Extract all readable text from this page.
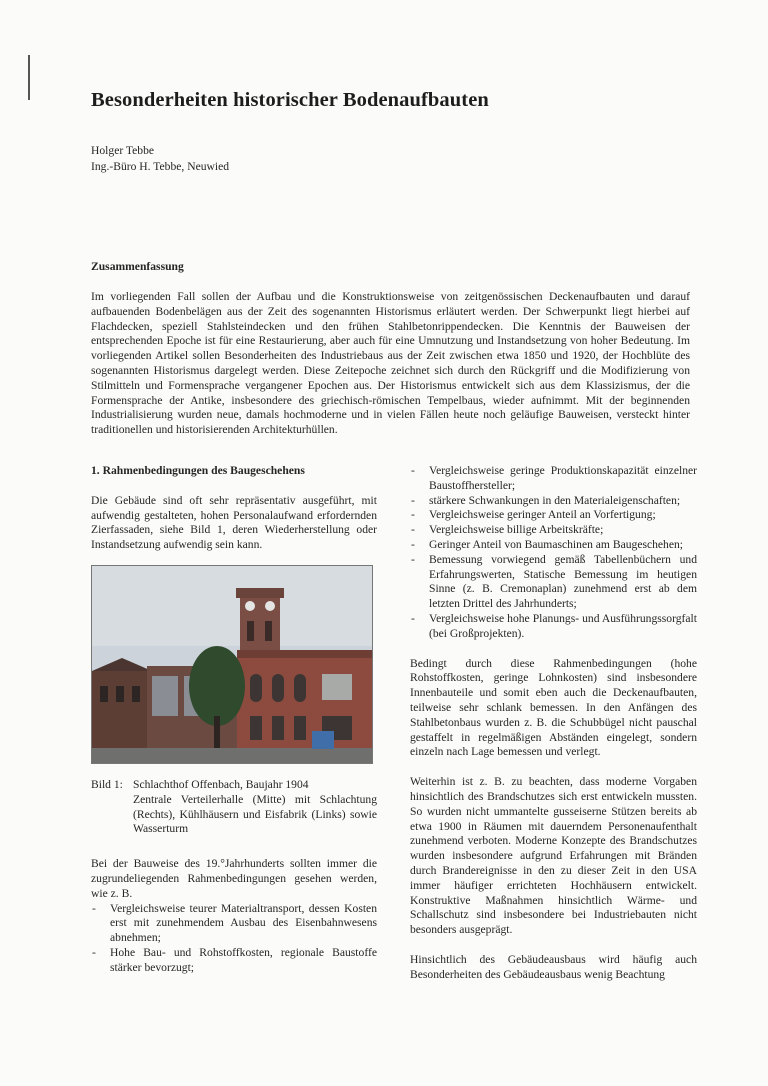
Besonderheiten historischer Bodenaufbauten
Holger Tebbe
Ing.-Büro H. Tebbe, Neuwied
Zusammenfassung

Im vorliegenden Fall sollen der Aufbau und die Konstruktionsweise von zeitgenössischen Deckenaufbauten und darauf aufbauenden Bodenbelägen aus der Zeit des sogenannten Historismus erläutert werden. Der Schwerpunkt liegt hierbei auf Flachdecken, speziell Stahlsteindecken und den frühen Stahlbetonrippendecken. Die Kenntnis der Bauweisen der entsprechenden Epoche ist für eine Restaurierung, aber auch für eine Umnutzung und Instandsetzung von hoher Bedeutung. Im vorliegenden Artikel sollen Besonderheiten des Industriebaus aus der Zeit zwischen etwa 1850 und 1920, der Hochblüte des sogenannten Historismus dargelegt werden. Diese Zeitepoche zeichnet sich durch den Rückgriff und die Modifizierung von Stilmitteln und Formensprache vergangener Epochen aus. Der Historismus entwickelt sich aus dem Klassizismus, der die Formensprache der Antike, insbesondere des griechisch-römischen Tempelbaus, wieder aufnimmt. Mit der beginnenden Industrialisierung wurden neue, damals hochmoderne und in vielen Fällen heute noch geläufige Bauweisen, versteckt hinter traditionellen und historisierenden Architekturhüllen.

1. Rahmenbedingungen des Baugeschehens

Die Gebäude sind oft sehr repräsentativ ausgeführt, mit aufwendig gestalteten, hohen Personalaufwand erfordernden Zierfassaden, siehe Bild 1, deren Wiederherstellung oder Instandsetzung aufwendig sein kann.

Bild 1: Schlachthof Offenbach, Baujahr 1904
Zentrale Verteilerhalle (Mitte) mit Schlachtung (Rechts), Kühlhäusern und Eisfabrik (Links) sowie Wasserturm

Bei der Bauweise des 19.°Jahrhunderts sollten immer die zugrundeliegenden Rahmenbedingungen gesehen werden, wie z. B.

- Vergleichsweise teurer Materialtransport, dessen Kosten erst mit zunehmendem Ausbau des Eisenbahnwesens abnehmen;
- Hohe Bau- und Rohstoffkosten, regionale Baustoffe stärker bevorzugt;
- Vergleichsweise geringe Produktionskapazität einzelner Baustoffhersteller;
- stärkere Schwankungen in den Materialeigenschaften;
- Vergleichsweise geringer Anteil an Vorfertigung;
- Vergleichsweise billige Arbeitskräfte;
- Geringer Anteil von Baumaschinen am Baugeschehen;
- Bemessung vorwiegend gemäß Tabellenbüchern und Erfahrungswerten, Statische Bemessung im heutigen Sinne (z. B. Cremonaplan) zunehmend erst ab dem letzten Drittel des Jahrhunderts;
- Vergleichsweise hohe Planungs- und Ausführungssorgfalt (bei Großprojekten).

Bedingt durch diese Rahmenbedingungen (hohe Rohstoffkosten, geringe Lohnkosten) sind insbesondere Innenbauteile und somit eben auch die Deckenaufbauten, teilweise sehr schlank bemessen. In den Anfängen des Stahlbetonbaus wurden z. B. die Schubbügel nicht pauschal gestaffelt in regelmäßigen Abständen eingelegt, sondern einzeln nach Lage bemessen und verlegt.

Weiterhin ist z. B. zu beachten, dass moderne Vorgaben hinsichtlich des Brandschutzes sich erst entwickeln mussten. So wurden nicht ummantelte gusseiserne Stützen bereits ab etwa 1900 in Räumen mit dauerndem Personenaufenthalt zunehmend verboten. Moderne Konzepte des Brandschutzes wurden insbesondere aufgrund Erfahrungen mit Bränden durch Brandereignisse in den zu dieser Zeit in den USA immer häufiger errichteten Hochhäusern entwickelt. Konstruktive Maßnahmen hinsichtlich Wärme- und Schallschutz sind insbesondere bei Industriebauten nicht besonders ausgeprägt.

Hinsichtlich des Gebäudeausbaus wird häufig auch Besonderheiten des Gebäudeausbaus wenig Beachtung
